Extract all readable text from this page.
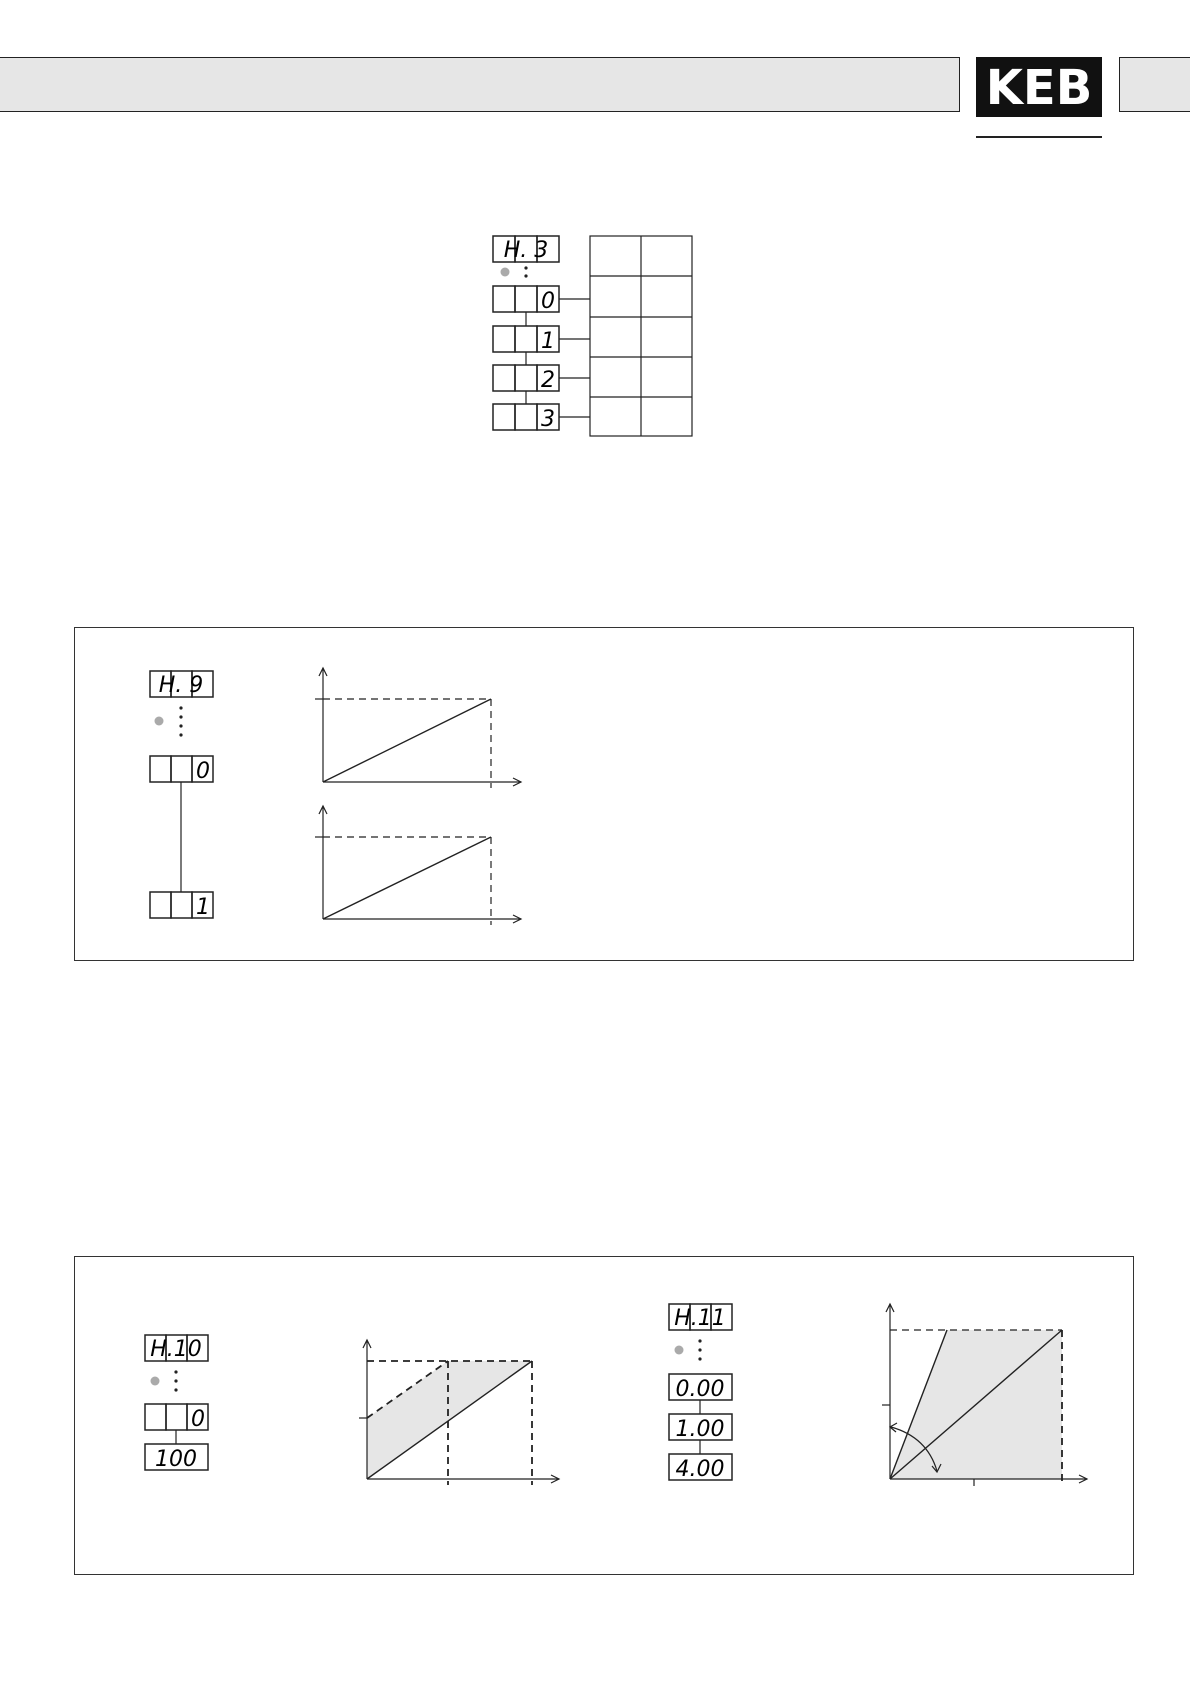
KEB
H. 3
0
1
2
3
H. 9
0
1
H.10
0
100
H.11
0.00
1.00
4.00
